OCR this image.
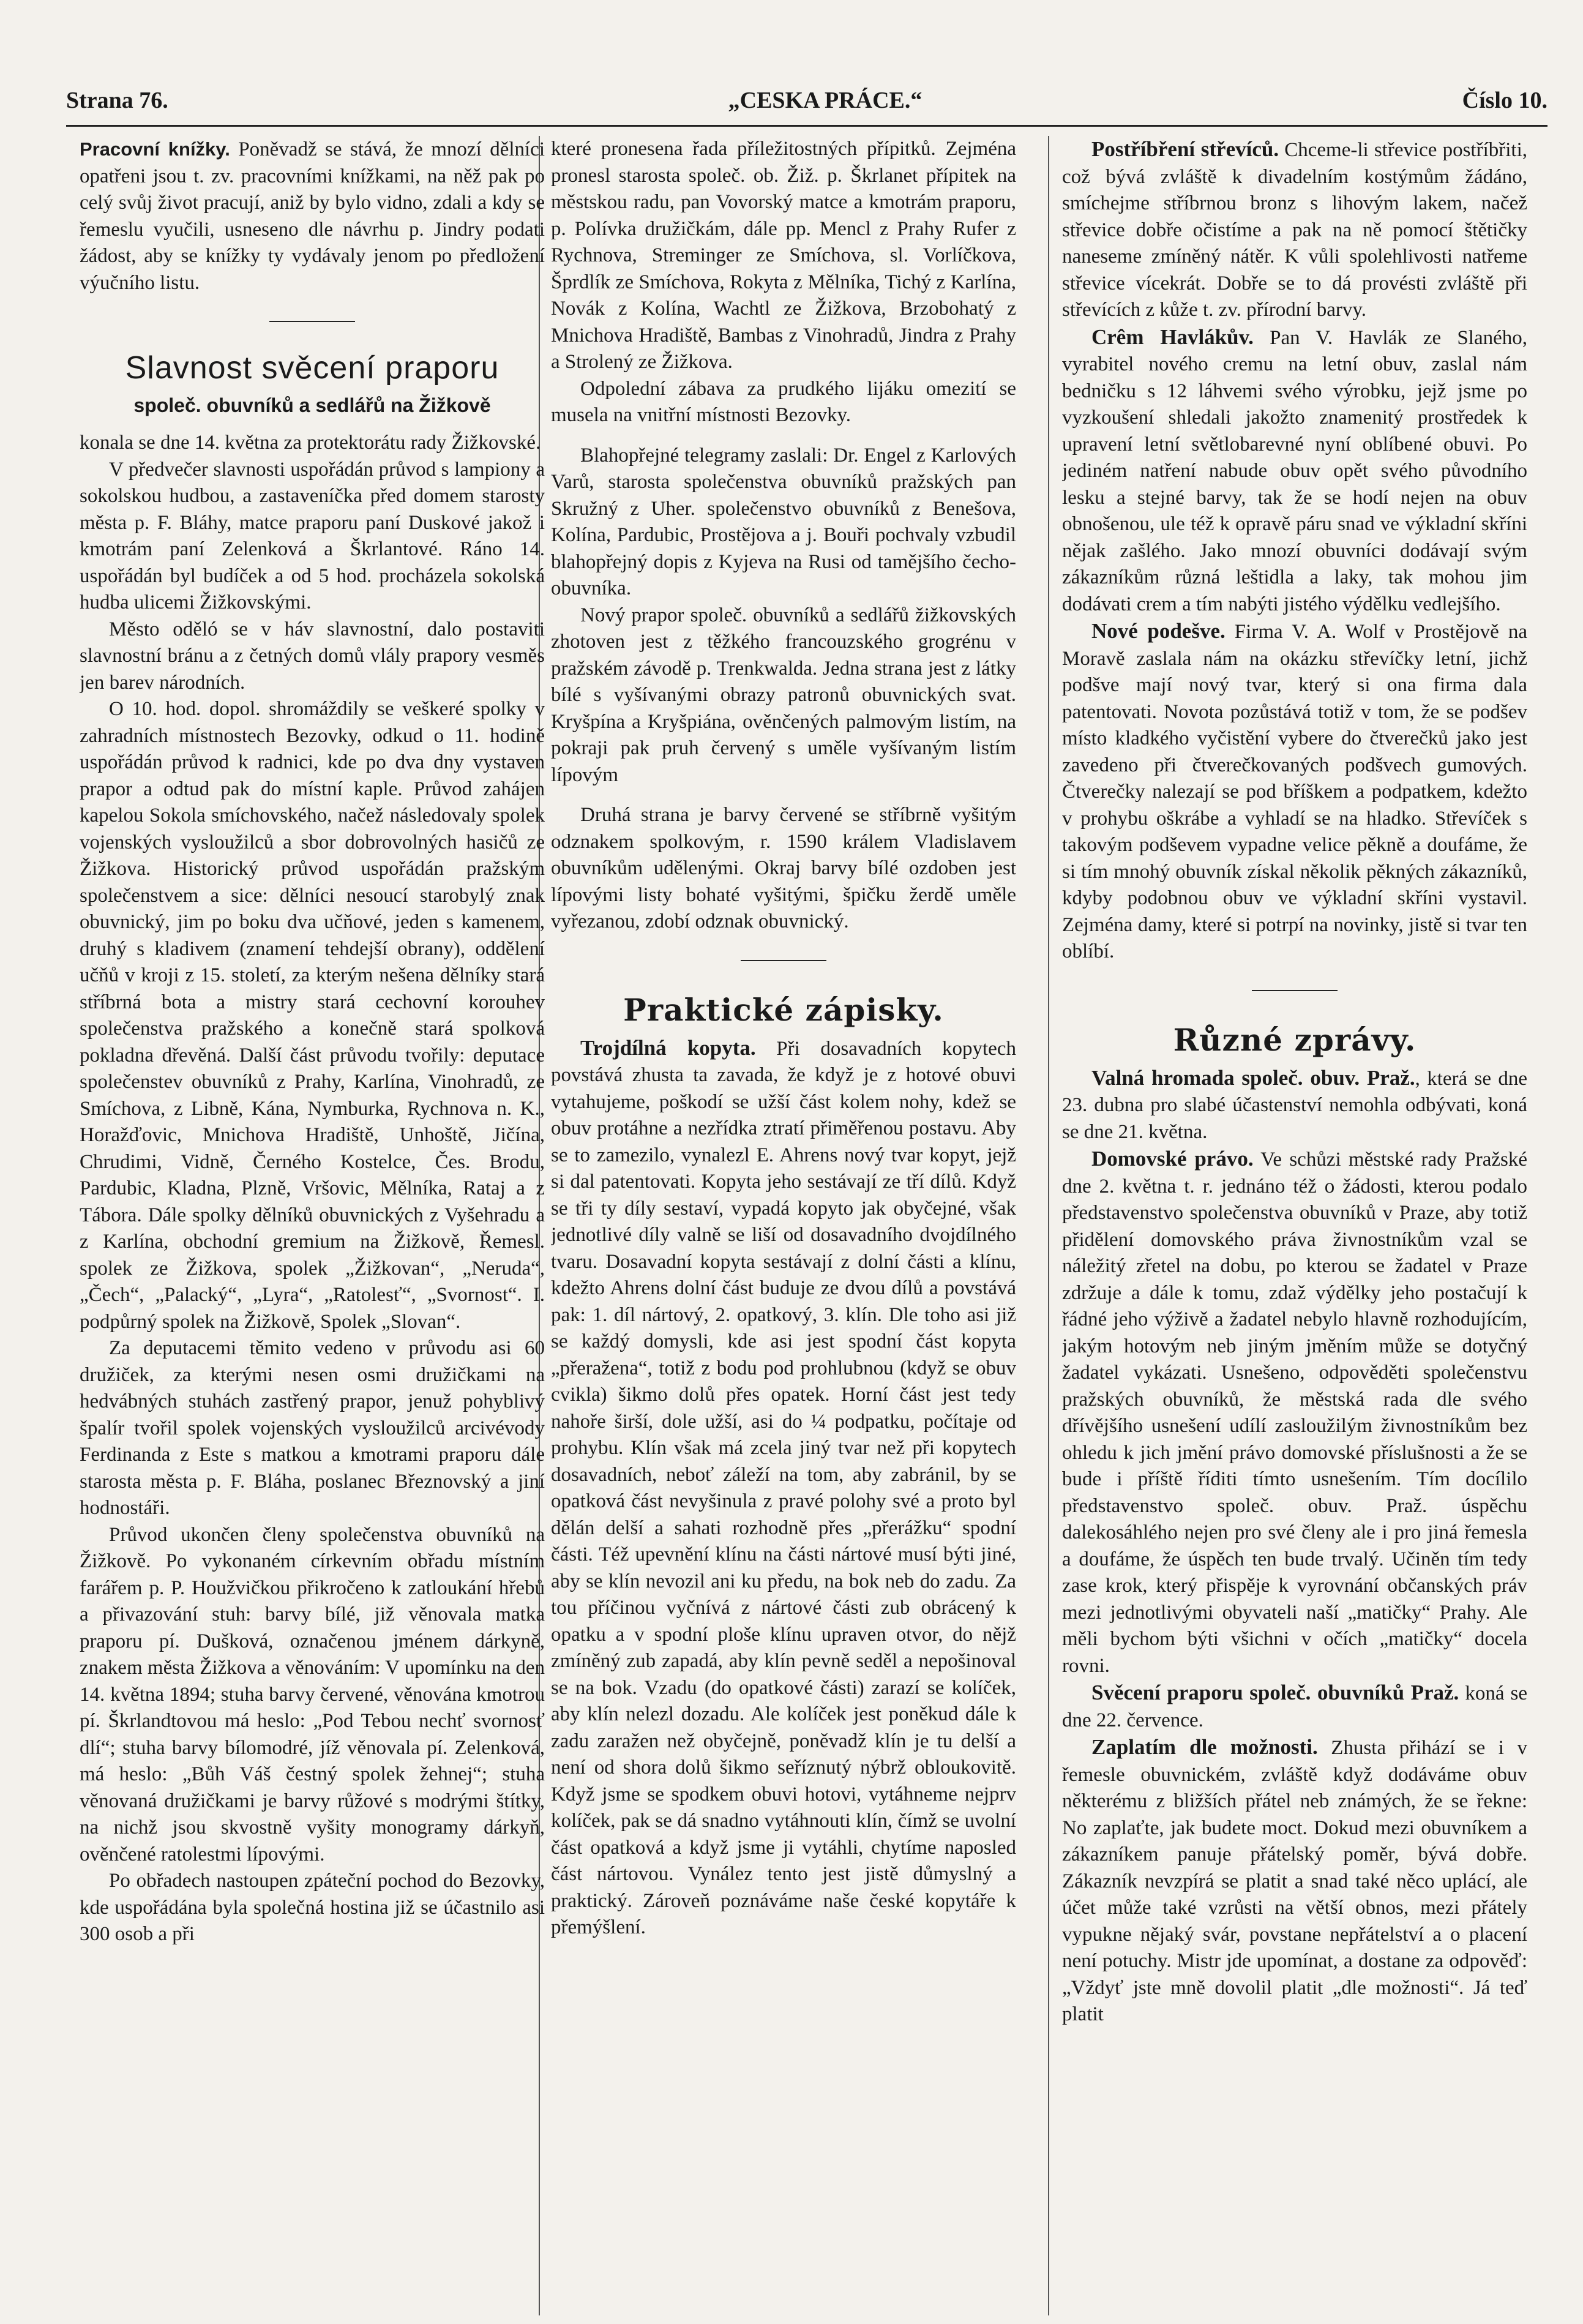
Strana 76.	„CESKA PRÁCE.“	Číslo 10.

Pracovní knížky. Poněvadž se stává, že mnozí dělníci opatřeni jsou t. zv. pracovními knížkami, na něž pak po celý svůj život pracují, aniž by bylo vidno, zdali a kdy se řemeslu vyučili, usneseno dle návrhu p. Jindry podati žádost, aby se knížky ty vydávaly jenom po předložení výučního listu.

Slavnost svěcení praporu
společ. obuvníků a sedlářů na Žižkově

konala se dne 14. května za protektorátu rady Žižkovské.

V předvečer slavnosti uspořádán průvod s lampiony a sokolskou hudbou, a zastaveníčka před domem starosty města p. F. Bláhy, matce praporu paní Duskové jakož i kmotrám paní Zelenková a Škrlantové. Ráno 14. uspořádán byl budíček a od 5 hod. procházela sokolská hudba ulicemi Žižkovskými.

Město oděló se v háv slavnostní, dalo postaviti slavnostní bránu a z četných domů vlály prapory vesměs jen barev národních.

O 10. hod. dopol. shromáždily se veškeré spolky v zahradních místnostech Bezovky, odkud o 11. hodině uspořádán průvod k radnici, kde po dva dny vystaven prapor a odtud pak do místní kaple. Průvod zahájen kapelou Sokola smíchovského, načež následovaly spolek vojenských vysloužilců a sbor dobrovolných hasičů ze Žižkova. Historický průvod uspořádán pražským společenstvem a sice: dělníci nesoucí starobylý znak obuvnický, jim po boku dva učňové, jeden s kamenem, druhý s kladivem (znamení tehdejší obrany), oddělení učňů v kroji z 15. století, za kterým nešena dělníky stará stříbrná bota a mistry stará cechovní korouhev společenstva pražského a konečně stará spolková pokladna dřevěná. Další část průvodu tvořily: deputace společenstev obuvníků z Prahy, Karlína, Vinohradů, ze Smíchova, z Libně, Kána, Nymburka, Rychnova n. K., Horažďovic, Mnichova Hradiště, Unhoště, Jičína, Chrudimi, Vidně, Černého Kostelce, Čes. Brodu, Pardubic, Kladna, Plzně, Vršovic, Mělníka, Rataj a z Tábora. Dále spolky dělníků obuvnických z Vyšehradu a z Karlína, obchodní gremium na Žižkově, Řemesl. spolek ze Žižkova, spolek „Žižkovan“, „Neruda“, „Čech“, „Palacký“, „Lyra“, „Ratolesť“, „Svornost“. I. podpůrný spolek na Žižkově, Spolek „Slovan“.

Za deputacemi těmito vedeno v průvodu asi 60 družiček, za kterými nesen osmi družičkami na hedvábných stuhách zastřený prapor, jenuž pohyblivý špalír tvořil spolek vojenských vysloužilců arcivévody Ferdinanda z Este s matkou a kmotrami praporu dále starosta města p. F. Bláha, poslanec Březnovský a jiní hodnostáři.

Průvod ukončen členy společenstva obuvníků na Žižkově. Po vykonaném církevním obřadu místním farářem p. P. Houžvičkou přikročeno k zatloukání hřebů a přivazování stuh: barvy bílé, již věnovala matka praporu pí. Dušková, označenou jménem dárkyně, znakem města Žižkova a věnováním: V upomínku na den 14. května 1894; stuha barvy červené, věnována kmotrou pí. Škrlandtovou má heslo: „Pod Tebou nechť svornosť dlí“; stuha barvy bílomodré, jíž věnovala pí. Zelenková, má heslo: „Bůh Váš čestný spolek žehnej“; stuha věnovaná družičkami je barvy růžové s modrými štítky, na nichž jsou skvostně vyšity monogramy dárkyň, ověnčené ratolestmi lípovými.

Po obřadech nastoupen zpáteční pochod do Bezovky, kde uspořádána byla společná hostina již se účastnilo asi 300 osob a při

které pronesena řada příležitostných přípitků. Zejména pronesl starosta společ. ob. Žiž. p. Škrlanet přípitek na městskou radu, pan Vovorský matce a kmotrám praporu, p. Polívka družičkám, dále pp. Mencl z Prahy Rufer z Rychnova, Streminger ze Smíchova, sl. Vorlíčkova, Šprdlík ze Smíchova, Rokyta z Mělníka, Tichý z Karlína, Novák z Kolína, Wachtl ze Žižkova, Brzobohatý z Mnichova Hradiště, Bambas z Vinohradů, Jindra z Prahy a Strolený ze Žižkova.

Odpolední zábava za prudkého lijáku omezití se musela na vnitřní místnosti Bezovky.

Blahopřejné telegramy zaslali: Dr. Engel z Karlových Varů, starosta společenstva obuvníků pražských pan Skružný z Uher. společenstvo obuvníků z Benešova, Kolína, Pardubic, Prostějova a j. Bouři pochvaly vzbudil blahopřejný dopis z Kyjeva na Rusi od tamějšího čecho-obuvníka.

Nový prapor společ. obuvníků a sedlářů žižkovských zhotoven jest z těžkého francouzského grogrénu v pražském závodě p. Trenkwalda. Jedna strana jest z látky bílé s vyšívanými obrazy patronů obuvnických svat. Kryšpína a Kryšpiána, ověnčených palmovým listím, na pokraji pak pruh červený s uměle vyšívaným listím lípovým

Druhá strana je barvy červené se stříbrně vyšitým odznakem spolkovým, r. 1590 králem Vladislavem obuvníkům udělenými. Okraj barvy bílé ozdoben jest lípovými listy bohaté vyšitými, špičku žerdě uměle vyřezanou, zdobí odznak obuvnický.

Praktické zápisky.

Trojdílná kopyta. Při dosavadních kopytech povstává zhusta ta zavada, že když je z hotové obuvi vytahujeme, poškodí se užší část kolem nohy, kdež se obuv protáhne a nezřídka ztratí přiměřenou postavu. Aby se to zamezilo, vynalezl E. Ahrens nový tvar kopyt, jejž si dal patentovati. Kopyta jeho sestávají ze tří dílů. Když se tři ty díly sestaví, vypadá kopyto jak obyčejné, však jednotlivé díly valně se liší od dosavadního dvojdílného tvaru. Dosavadní kopyta sestávají z dolní části a klínu, kdežto Ahrens dolní část buduje ze dvou dílů a povstává pak: 1. díl nártový, 2. opatkový, 3. klín. Dle toho asi již se každý domysli, kde asi jest spodní část kopyta „přeražena“, totiž z bodu pod prohlubnou (když se obuv cvikla) šikmo dolů přes opatek. Horní část jest tedy nahoře širší, dole užší, asi do ¼ podpatku, počítaje od prohybu. Klín však má zcela jiný tvar než při kopytech dosavadních, neboť záleží na tom, aby zabránil, by se opatková část nevyšinula z pravé polohy své a proto byl dělán delší a sahati rozhodně přes „přerážku“ spodní části. Též upevnění klínu na části nártové musí býti jiné, aby se klín nevozil ani ku předu, na bok neb do zadu. Za tou příčinou vyčnívá z nártové části zub obrácený k opatku a v spodní ploše klínu upraven otvor, do nějž zmíněný zub zapadá, aby klín pevně seděl a nepošinoval se na bok. Vzadu (do opatkové části) zarazí se kolíček, aby klín nelezl dozadu. Ale kolíček jest poněkud dále k zadu zaražen než obyčejně, poněvadž klín je tu delší a není od shora dolů šikmo seříznutý nýbrž obloukovitě. Když jsme se spodkem obuvi hotovi, vytáhneme nejprv kolíček, pak se dá snadno vytáhnouti klín, čímž se uvolní část opatková a když jsme ji vytáhli, chytíme naposled část nártovou. Vynález tento jest jistě důmyslný a praktický. Zároveň poznáváme naše české kopytáře k přemýšlení.

Postříbření střevíců. Chceme-li střevice postříbřiti, což bývá zvláště k divadelním kostýmům žádáno, smíchejme stříbrnou bronz s lihovým lakem, načež střevice dobře očistíme a pak na ně pomocí štětičky naneseme zmíněný nátěr. K vůli spolehlivosti natřeme střevice vícekrát. Dobře se to dá provésti zvláště při střevících z kůže t. zv. přírodní barvy.

Crêm Havlákův. Pan V. Havlák ze Slaného, vyrabitel nového cremu na letní obuv, zaslal nám bedničku s 12 láhvemi svého výrobku, jejž jsme po vyzkoušení shledali jakožto znamenitý prostředek k upravení letní světlobarevné nyní oblíbené obuvi. Po jediném natření nabude obuv opět svého původního lesku a stejné barvy, tak že se hodí nejen na obuv obnošenou, ule též k opravě páru snad ve výkladní skříni nějak zašlého. Jako mnozí obuvníci dodávají svým zákazníkům různá leštidla a laky, tak mohou jim dodávati crem a tím nabýti jistého výdělku vedlejšího.

Nové podešve. Firma V. A. Wolf v Prostějově na Moravě zaslala nám na okázku střevíčky letní, jichž podšve mají nový tvar, který si ona firma dala patentovati. Novota pozůstává totiž v tom, že se podšev místo kladkého vyčistění vybere do čtverečků jako jest zavedeno při čtverečkovaných podšvech gumových. Čtverečky nalezají se pod bříškem a podpatkem, kdežto v prohybu oškrábe a vyhladí se na hladko. Střevíček s takovým podševem vypadne velice pěkně a doufáme, že si tím mnohý obuvník získal několik pěkných zákazníků, kdyby podobnou obuv ve výkladní skříni vystavil. Zejména damy, které si potrpí na novinky, jistě si tvar ten oblíbí.

Různé zprávy.

Valná hromada společ. obuv. Praž., která se dne 23. dubna pro slabé účastenství nemohla odbývati, koná se dne 21. května.

Domovské právo. Ve schůzi městské rady Pražské dne 2. května t. r. jednáno též o žádosti, kterou podalo představenstvo společenstva obuvníků v Praze, aby totiž přidělení domovského práva živnostníkům vzal se náležitý zřetel na dobu, po kterou se žadatel v Praze zdržuje a dále k tomu, zdaž výdělky jeho postačují k řádné jeho výživě a žadatel nebylo hlavně rozhodujícím, jakým hotovým neb jiným jměním může se dotyčný žadatel vykázati. Usnešeno, odpověděti společenstvu pražských obuvníků, že městská rada dle svého dřívějšího usnešení udílí zasloužilým živnostníkům bez ohledu k jich jmění právo domovské příslušnosti a že se bude i příště říditi tímto usnešením. Tím docílilo představenstvo společ. obuv. Praž. úspěchu dalekosáhlého nejen pro své členy ale i pro jiná řemesla a doufáme, že úspěch ten bude trvalý. Učiněn tím tedy zase krok, který přispěje k vyrovnání občanských práv mezi jednotlivými obyvateli naší „matičky“ Prahy. Ale měli bychom býti všichni v očích „matičky“ docela rovni.

Svěcení praporu společ. obuvníků Praž. koná se dne 22. července.

Zaplatím dle možnosti. Zhusta přihází se i v řemesle obuvnickém, zvláště když dodáváme obuv některému z bližších přátel neb známých, že se řekne: No zaplaťte, jak budete moct. Dokud mezi obuvníkem a zákazníkem panuje přátelský poměr, bývá dobře. Zákazník nevzpírá se platit a snad také něco uplácí, ale účet může také vzrůsti na větší obnos, mezi přátely vypukne nějaký svár, povstane nepřátelství a o placení není potuchy. Mistr jde upomínat, a dostane za odpověď: „Vždyť jste mně dovolil platit „dle možnosti“. Já teď platit
